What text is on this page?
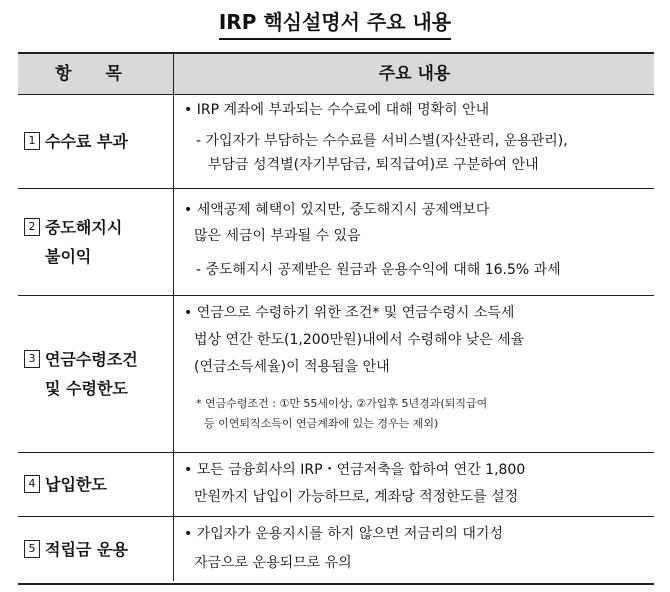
IRP 핵심설명서 주요 내용
항 목	주요 내용
1 수수료 부과
• IRP 계좌에 부과되는 수수료에 대해 명확히 안내
- 가입자가 부담하는 수수료를 서비스별(자산관리, 운용관리),
부담금 성격별(자기부담금, 퇴직급여)로 구분하여 안내
2 중도해지시
불이익
• 세액공제 혜택이 있지만, 중도해지시 공제액보다
많은 세금이 부과될 수 있음
- 중도해지시 공제받은 원금과 운용수익에 대해 16.5% 과세
3 연금수령조건
및 수령한도
• 연금으로 수령하기 위한 조건* 및 연금수령시 소득세
법상 연간 한도(1,200만원)내에서 수령해야 낮은 세율
(연금소득세율)이 적용됨을 안내
* 연금수령조건 : ①만 55세이상, ②가입후 5년경과(퇴직급여
등 이연퇴직소득이 연금계좌에 있는 경우는 제외)
4 납입한도
• 모든 금융회사의 IRP・연금저축을 합하여 연간 1,800
만원까지 납입이 가능하므로, 계좌당 적정한도를 설정
5 적립금 운용
• 가입자가 운용지시를 하지 않으면 저금리의 대기성
자금으로 운용되므로 유의
